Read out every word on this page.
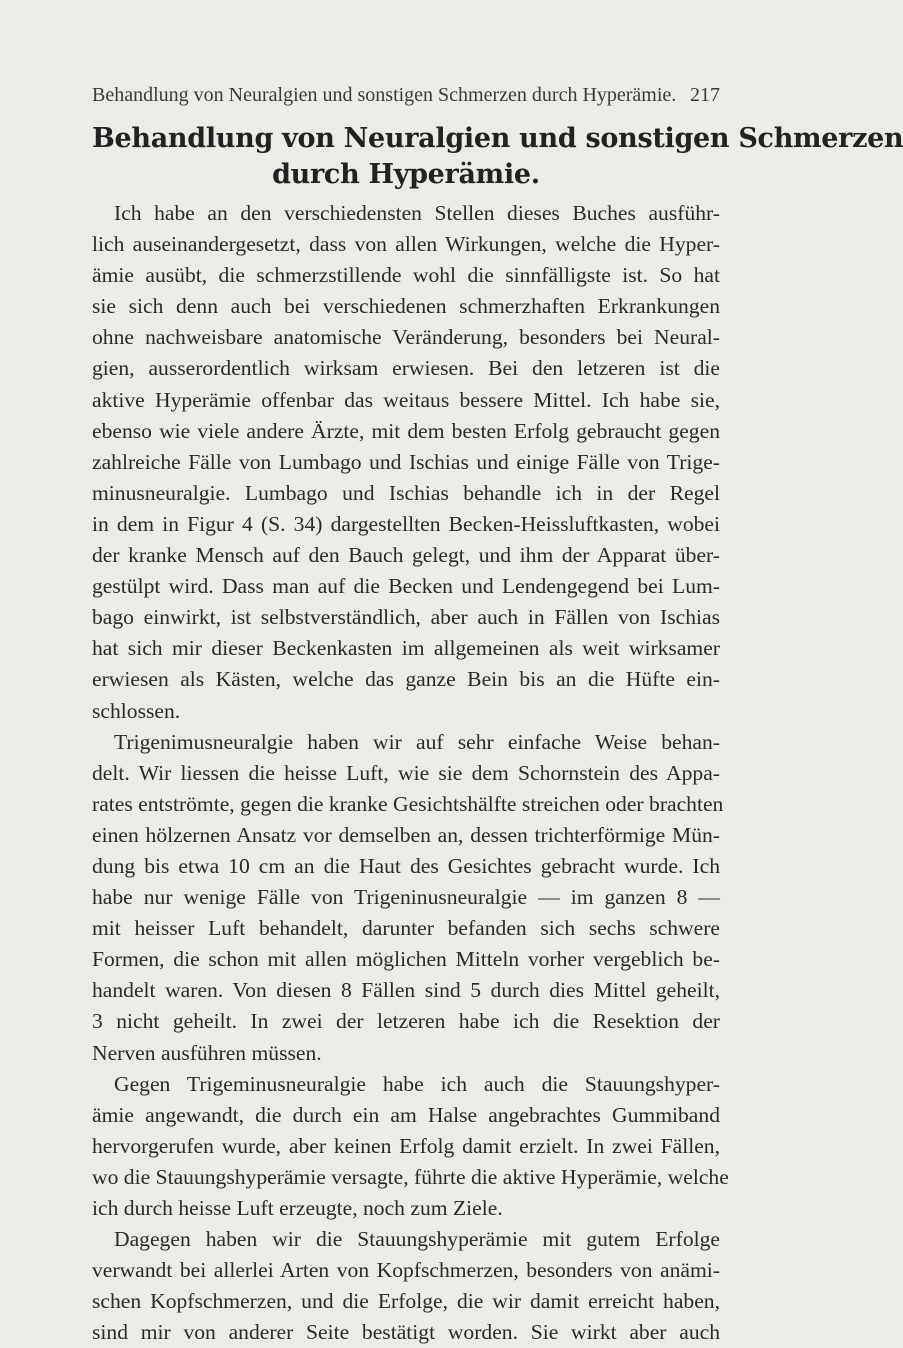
Behandlung von Neuralgien und sonstigen Schmerzen durch Hyperämie. 217
Behandlung von Neuralgien und sonstigen Schmerzen
durch Hyperämie.
Ich habe an den verschiedensten Stellen dieses Buches ausführ-
lich auseinandergesetzt, dass von allen Wirkungen, welche die Hyper-
ämie ausübt, die schmerzstillende wohl die sinnfälligste ist. So hat
sie sich denn auch bei verschiedenen schmerzhaften Erkrankungen
ohne nachweisbare anatomische Veränderung, besonders bei Neural-
gien, ausserordentlich wirksam erwiesen. Bei den letzeren ist die
aktive Hyperämie offenbar das weitaus bessere Mittel. Ich habe sie,
ebenso wie viele andere Ärzte, mit dem besten Erfolg gebraucht gegen
zahlreiche Fälle von Lumbago und Ischias und einige Fälle von Trige-
minusneuralgie. Lumbago und Ischias behandle ich in der Regel
in dem in Figur 4 (S. 34) dargestellten Becken-Heissluftkasten, wobei
der kranke Mensch auf den Bauch gelegt, und ihm der Apparat über-
gestülpt wird. Dass man auf die Becken und Lendengegend bei Lum-
bago einwirkt, ist selbstverständlich, aber auch in Fällen von Ischias
hat sich mir dieser Beckenkasten im allgemeinen als weit wirksamer
erwiesen als Kästen, welche das ganze Bein bis an die Hüfte ein-
schlossen.
Trigenimusneuralgie haben wir auf sehr einfache Weise behan-
delt. Wir liessen die heisse Luft, wie sie dem Schornstein des Appa-
rates entströmte, gegen die kranke Gesichtshälfte streichen oder brachten
einen hölzernen Ansatz vor demselben an, dessen trichterförmige Mün-
dung bis etwa 10 cm an die Haut des Gesichtes gebracht wurde. Ich
habe nur wenige Fälle von Trigeninusneuralgie — im ganzen 8 —
mit heisser Luft behandelt, darunter befanden sich sechs schwere
Formen, die schon mit allen möglichen Mitteln vorher vergeblich be-
handelt waren. Von diesen 8 Fällen sind 5 durch dies Mittel geheilt,
3 nicht geheilt. In zwei der letzeren habe ich die Resektion der
Nerven ausführen müssen.
Gegen Trigeminusneuralgie habe ich auch die Stauungshyper-
ämie angewandt, die durch ein am Halse angebrachtes Gummiband
hervorgerufen wurde, aber keinen Erfolg damit erzielt. In zwei Fällen,
wo die Stauungshyperämie versagte, führte die aktive Hyperämie, welche
ich durch heisse Luft erzeugte, noch zum Ziele.
Dagegen haben wir die Stauungshyperämie mit gutem Erfolge
verwandt bei allerlei Arten von Kopfschmerzen, besonders von anämi-
schen Kopfschmerzen, und die Erfolge, die wir damit erreicht haben,
sind mir von anderer Seite bestätigt worden. Sie wirkt aber auch
